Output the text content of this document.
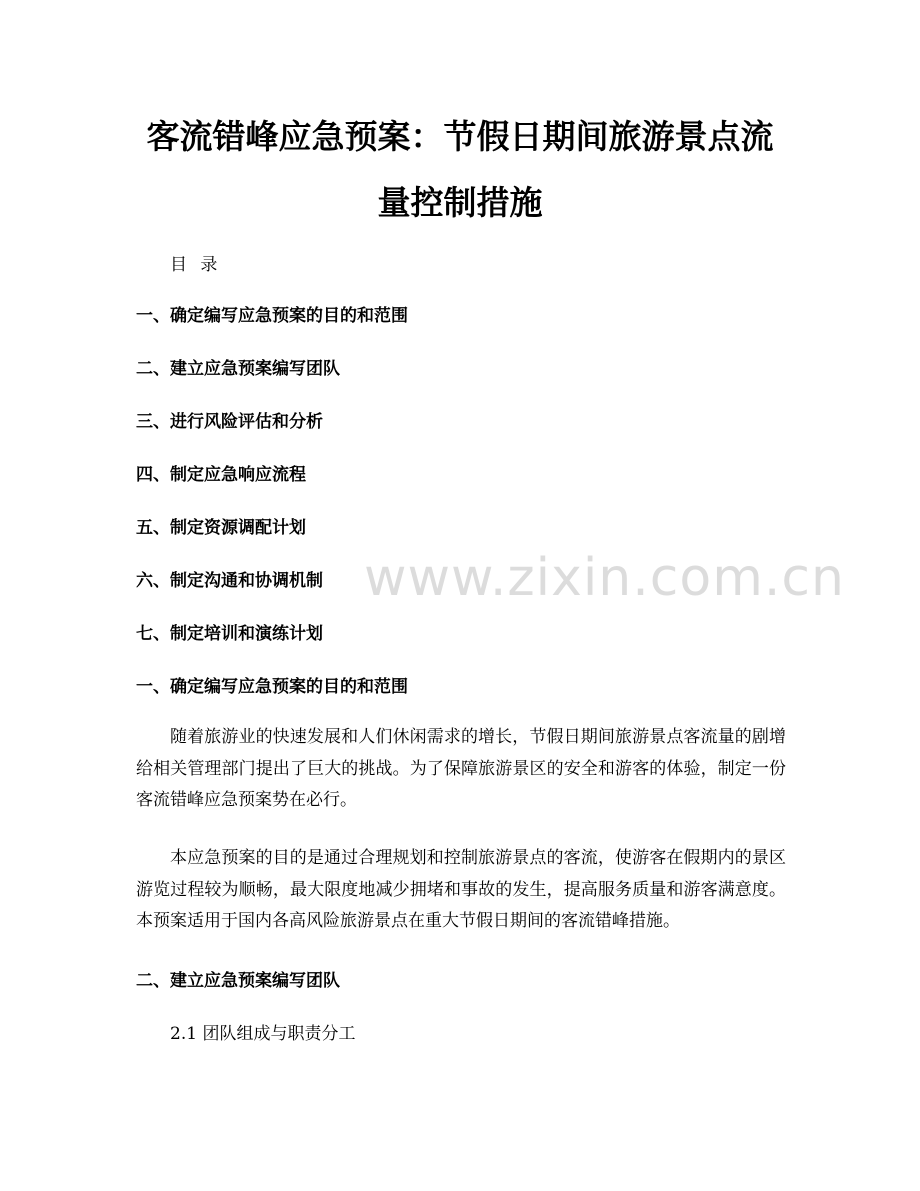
客流错峰应急预案：节假日期间旅游景点流
量控制措施
目 录

一、确定编写应急预案的目的和范围

二、建立应急预案编写团队

三、进行风险评估和分析

四、制定应急响应流程

五、制定资源调配计划

六、制定沟通和协调机制

七、制定培训和演练计划

www.zixin.com.cn

一、确定编写应急预案的目的和范围

随着旅游业的快速发展和人们休闲需求的增长，节假日期间旅游景点客流量的剧增给相关管理部门提出了巨大的挑战。为了保障旅游景区的安全和游客的体验，制定一份客流错峰应急预案势在必行。

本应急预案的目的是通过合理规划和控制旅游景点的客流，使游客在假期内的景区游览过程较为顺畅，最大限度地减少拥堵和事故的发生，提高服务质量和游客满意度。本预案适用于国内各高风险旅游景点在重大节假日期间的客流错峰措施。

二、建立应急预案编写团队

2.1 团队组成与职责分工
